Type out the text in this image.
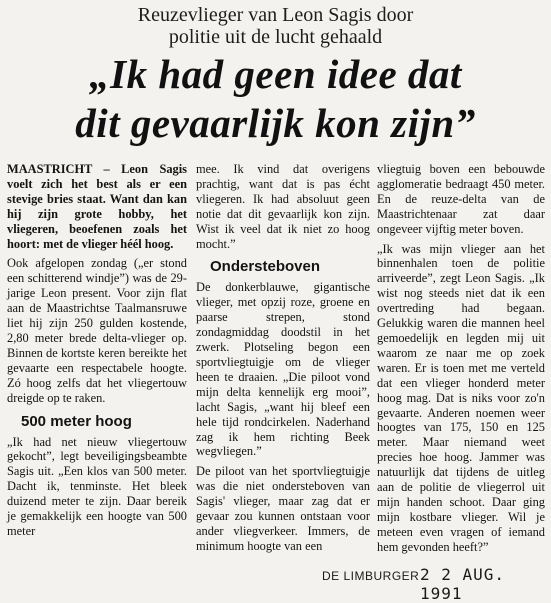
Reuzevlieger van Leon Sagis door
politie uit de lucht gehaald
„Ik had geen idee dat
dit gevaarlijk kon zijn”

MAASTRICHT – Leon Sagis voelt zich het best als er een stevige bries staat. Want dan kan hij zijn grote hobby, het vliegeren, beoefenen zoals het hoort: met de vlieger héél hoog.

Ook afgelopen zondag („er stond een schitterend windje”) was de 29-jarige Leon present. Voor zijn flat aan de Maastrichtse Taalmansruwe liet hij zijn 250 gulden kostende, 2,80 meter brede delta-vlieger op. Binnen de kortste keren bereikte het gevaarte een respectabele hoogte. Zó hoog zelfs dat het vliegertouw dreigde op te raken.

500 meter hoog

„Ik had net nieuw vliegertouw gekocht”, legt beveiligingsbeambte Sagis uit. „Een klos van 500 meter. Dacht ik, tenminste. Het bleek duizend meter te zijn. Daar bereik je gemakkelijk een hoogte van 500 meter

mee. Ik vind dat overigens prachtig, want dat is pas écht vliegeren. Ik had absoluut geen notie dat dit gevaarlijk kon zijn. Wist ik veel dat ik niet zo hoog mocht.”

Ondersteboven

De donkerblauwe, gigantische vlieger, met opzij roze, groene en paarse strepen, stond zondagmiddag doodstil in het zwerk. Plotseling begon een sportvliegtuigje om de vlieger heen te draaien. „Die piloot vond mijn delta kennelijk erg mooi”, lacht Sagis, „want hij bleef een hele tijd rondcirkelen. Naderhand zag ik hem richting Beek wegvliegen.”

De piloot van het sportvliegtuigje was die niet ondersteboven van Sagis' vlieger, maar zag dat er gevaar zou kunnen ontstaan voor ander vliegverkeer. Immers, de minimum hoogte van een

vliegtuig boven een bebouwde agglomeratie bedraagt 450 meter. En de reuze-delta van de Maastrichtenaar zat daar ongeveer vijftig meter boven.

„Ik was mijn vlieger aan het binnenhalen toen de politie arriveerde”, zegt Leon Sagis. „Ik wist nog steeds niet dat ik een overtreding had begaan. Gelukkig waren die mannen heel gemoedelijk en legden mij uit waarom ze naar me op zoek waren. Er is toen met me verteld dat een vlieger honderd meter hoog mag. Dat is niks voor zo'n gevaarte. Anderen noemen weer hoogtes van 175, 150 en 125 meter. Maar niemand weet precies hoe hoog. Jammer was natuurlijk dat tijdens de uitleg aan de politie de vliegerrol uit mijn handen schoot. Daar ging mijn kostbare vlieger. Wil je meteen even vragen of iemand hem gevonden heeft?”

DE LIMBURGER 2 2 AUG. 1991
